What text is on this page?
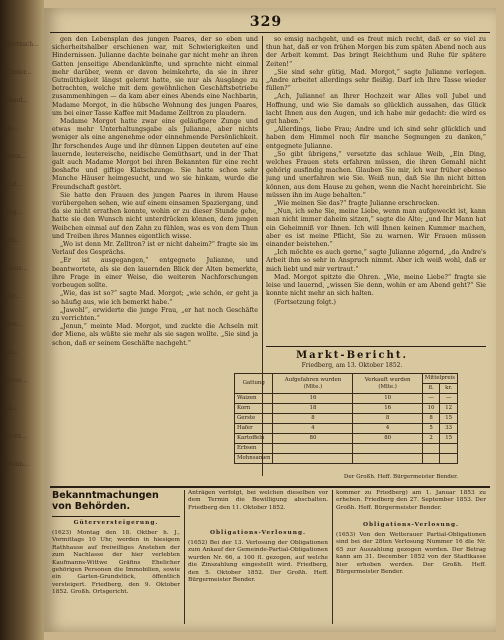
...Wirthsch...
...Kinder...
...Hand...
...ge...
...dann...
...Gul...
...Tag...
...ein...
...Haus...
...Ver...
...den...
...ba...
...diese...
...sa...
...nicht...
...Mann...
329

gen den Lebensplan des jungen Paares, der so eben und sicherheitshalber erschienen war, mit Schwierigkeiten und Hindernissen. Julianne dachte beinahe gar nicht mehr an ihren Gatten jenseitige Abendankünfte, und sprachte nicht einmal mehr darüber, wenn er davon heimkehrte, da sie in ihrer Gutmüthigkeit längst gelernt hatte, sie nur als Ausgänge zu betrachten, welche mit dem gewöhnlichen Geschäftsbetriebe zusammenhingen — da kam aber eines Abends eine Nachbarin, Madame Morgot, in die hübsche Wohnung des jungen Paares, um bei einer Tasse Kaffee mit Madame Zelltron zu plaudern.

Madame Morgot hatte zwar eine geläufigere Zunge und etwas mehr Unterhaltungsgabe als Julianne, aber nichts weniger als eine angenehme oder einnehmende Persönlichkeit. Ihr forschendes Auge und ihr dünnen Lippen deuteten auf eine lauernde, leutereische, neidische Gemüthsart, und in der That galt auch Madame Morgot bei ihren Bekannten für eine recht boshafte und giftige Klatschzunge. Sie hatte schon sehr Manche Häuser heimgesucht, und wo sie hinkam, wurde die Freundschaft gestört.

Sie hatte den Frauen des jungen Paares in ihrem Hause vorübergehen sehen, wie auf einem einsamen Spaziergang, und da sie nicht errathen konnte, wohin er zu dieser Stunde gehe, hatte sie den Wunsch nicht unterdrücken können, dem jungen Weibchen einmal auf den Zahn zu fühlen, was es von dem Thun und Treiben ihres Mannes eigentlich wisse.

„Wo ist denn Mr. Zelltron? ist er nicht daheim?“ fragte sie im Verlauf des Gesprächs.

„Er ist ausgegangen,“ entgegnete Julianne, und beantwortete, als sie den lauernden Blick der Alten bemerkte, ihre Frage in einer Weise, die weiteren Nachforschungen vorbeugen sollte.

„Wie, das ist so?“ sagte Mad. Morgot; „wie schön, er geht ja so häufig aus, wie ich bemerkt habe.“

„Jawohl“, erwiderte die junge Frau, „er hat noch Geschäfte zu verrichten.“

„Jenun,“ meinte Mad. Morgot, und zuckte die Achseln mit der Miene, als wüßte sie mehr als sie sagen wollte. „Sie sind ja schon, daß er seinem Geschäfte nachgeht.“

so emsig nachgeht, und es freut mich recht, daß er so viel zu thun hat, daß er von frühen Morgen bis zum späten Abend noch aus der Arbeit kommt. Das bringt Reichthum und Ruhe für spätere Zeiten!“

„Sie sind sehr gütig, Mad. Morgot,“ sagte Julianne verlegen. „Andre arbeitet allerdings sehr fleißig. Darf ich Ihre Tasse wieder füllen?“

„Ach, Julianne! an Ihrer Hochzeit war Alles voll Jubel und Hoffnung, und wie Sie damals so glücklich aussahen, das Glück lacht Ihnen aus den Augen, und ich habe mir gedacht: die wird es gut haben.“

„Allerdings, liebe Frau; Andre und ich sind sehr glücklich und haben dem Himmel noch für manche Segnungen zu danken,“ entgegnete Julianne.

„So gibt übrigens,“ versetzte das schlaue Weib, „Ein Ding, welches Frauen stets erfahren müssen, die ihren Gemahl nicht gehörig ausfindig machen. Glauben Sie mir, ich war früher ebenso jung und unerfahren wie Sie. Weiß nun, daß Sie ihn nicht bitten können, aus dem Hause zu gehen, wenn die Nacht hereinbricht. Sie müssen ihn im Auge behalten.“

„Wie meinen Sie das?“ fragte Julianne erschrocken.

„Nun, ich sehe Sie, meine Liebe, wenn man aufgeweckt ist, kann man nicht immer daheim sitzen,“ sagte die Alte; „und Ihr Mann hat ein Geheimniß vor Ihnen. Ich will Ihnen keinen Kummer machen, aber es ist meine Pflicht, Sie zu warnen. Wir Frauen müssen einander beistehen.“

„Ich möchte es auch gerne,“ sagte Julianne zögernd, „da Andre's Arbeit ihm so sehr in Anspruch nimmt. Aber ich weiß wohl, daß er mich liebt und mir vertraut.“

Mad. Morgot spitzte die Ohren. „Wie, meine Liebe?“ fragte sie leise und lauernd, „wissen Sie denn, wohin er am Abend geht?“ Sie konnte nicht mehr an sich halten.

(Fortsetzung folgt.)

Markt-Bericht.
Friedberg, am 13. Oktober 1852.
Gattung	Aufgefahren wurden (Mlte.)	Verkauft wurden (Mlte.)	Mittelpreis	
			fl.	kr.
Waizen	16	10	—	—
Korn	18	16	10	12
Gerste	8	8	8	15
Hafer	4	4	5	33
Kartoffeln	80	80	2	15
Erbsen				
Mohnsamen				
Der Großh. Heff. Bürgermeister Bender.
Bekanntmachungen von Behörden.
Güterversteigerung.
(1623) Montag den 18. Oktber h. J., Vormittags 10 Uhr, werden in hiesigem Rathhause auf freiwilliges Anstehen der zum Nachlasse der hier verlebten Kaufmanns-Wittwe Gräfins Ehelicher gehörigen Personen die Immobilien, sowie ein Garten-Grundstück, öffentlich versteigert. Friedberg, den 9. Oktober 1852. Großh. Ortsgericht.
Anträgen verfolgt, bei welchen dieselben vor dem Termin die Bewilligung abschalten. Friedberg den 11. Oktober 1852.
Obligations-Verlosung.
(1652) Bei der 13. Verlosung der Obligationen zum Ankauf der Gemeinde-Partial-Obligationen wurden Nr. 66, a 100 fl. gezogen, auf welche die Zinszahlung eingestellt wird. Friedberg, den 5. Oktober 1852. Der Großh. Heff. Bürgermeister Bender.
kommer zu Friedberg) am 1. Januar 1853 zu erheben. Friedberg den 27. September 1853. Der Großh. Heff. Bürgermeister Bender.
Obligations-Verlosung.
(1653) Von den Wetterauer Partial-Obligationen sind bei der 28ten Verlosung Nummer 16 die Nr. 65 zur Auszahlung gezogen worden. Der Betrag kann am 31. December 1852 von der Stadtkasse hier erhoben werden. Der Großh. Heff. Bürgermeister Bender.
